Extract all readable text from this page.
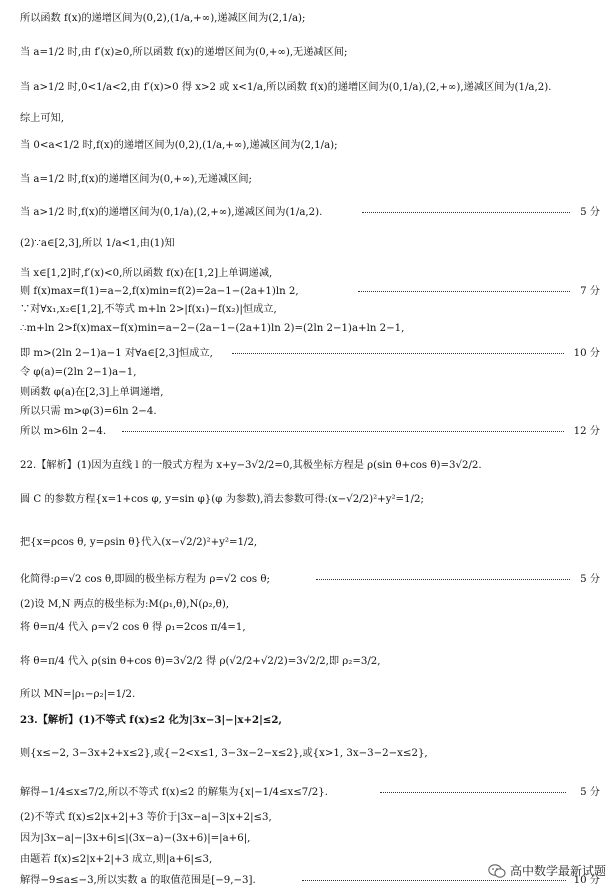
所以函数 f(x)的递增区间为(0,2),(1/a,+∞),递减区间为(2,1/a);
当 a=1/2 时,由 f′(x)≥0,所以函数 f(x)的递增区间为(0,+∞),无递减区间;
当 a>1/2 时,0<1/a<2,由 f′(x)>0 得 x>2 或 x<1/a,所以函数 f(x)的递增区间为(0,1/a),(2,+∞),递减区间为(1/a,2).
综上可知,
当 0<a<1/2 时,f(x)的递增区间为(0,2),(1/a,+∞),递减区间为(2,1/a);
当 a=1/2 时,f(x)的递增区间为(0,+∞),无递减区间;
当 a>1/2 时,f(x)的递增区间为(0,1/a),(2,+∞),递减区间为(1/a,2).	5 分
(2)∵a∈[2,3],所以 1/a<1,由(1)知
当 x∈[1,2]时,f′(x)<0,所以函数 f(x)在[1,2]上单调递减,
则 f(x)max=f(1)=a−2,f(x)min=f(2)=2a−1−(2a+1)ln 2,	7 分
∵对∀x₁,x₂∈[1,2],不等式 m+ln 2>|f(x₁)−f(x₂)|恒成立,
∴m+ln 2>f(x)max−f(x)min=a−2−(2a−1−(2a+1)ln 2)=(2ln 2−1)a+ln 2−1,
即 m>(2ln 2−1)a−1 对∀a∈[2,3]恒成立,	10 分
令 φ(a)=(2ln 2−1)a−1,
则函数 φ(a)在[2,3]上单调递增,
所以只需 m>φ(3)=6ln 2−4.
所以 m>6ln 2−4.	12 分
22.【解析】(1)因为直线 l 的一般式方程为 x+y−3√2/2=0,其极坐标方程是 ρ(sin θ+cos θ)=3√2/2.
圆 C 的参数方程{x=1+cos φ, y=sin φ}(φ 为参数),消去参数可得:(x−√2/2)²+y²=1/2;
把{x=ρcos θ, y=ρsin θ}代入(x−√2/2)²+y²=1/2,
化简得:ρ=√2 cos θ,即圆的极坐标方程为 ρ=√2 cos θ;	5 分
(2)设 M,N 两点的极坐标为:M(ρ₁,θ),N(ρ₂,θ),
将 θ=π/4 代入 ρ=√2 cos θ 得 ρ₁=2cos π/4=1,
将 θ=π/4 代入 ρ(sin θ+cos θ)=3√2/2 得 ρ(√2/2+√2/2)=3√2/2,即 ρ₂=3/2,
所以 MN=|ρ₁−ρ₂|=1/2.
23.【解析】(1)不等式 f(x)≤2 化为|3x−3|−|x+2|≤2,
则{x≤−2, 3−3x+2+x≤2},或{−2<x≤1, 3−3x−2−x≤2},或{x>1, 3x−3−2−x≤2},
解得−1/4≤x≤7/2,所以不等式 f(x)≤2 的解集为{x|−1/4≤x≤7/2}.	5 分
(2)不等式 f(x)≤2|x+2|+3 等价于|3x−a|−3|x+2|≤3,
因为|3x−a|−|3x+6|≤|(3x−a)−(3x+6)|=|a+6|,
由题若 f(x)≤2|x+2|+3 成立,则|a+6|≤3,
解得−9≤a≤−3,所以实数 a 的取值范围是[−9,−3].	10 分
高中数学最新试题
